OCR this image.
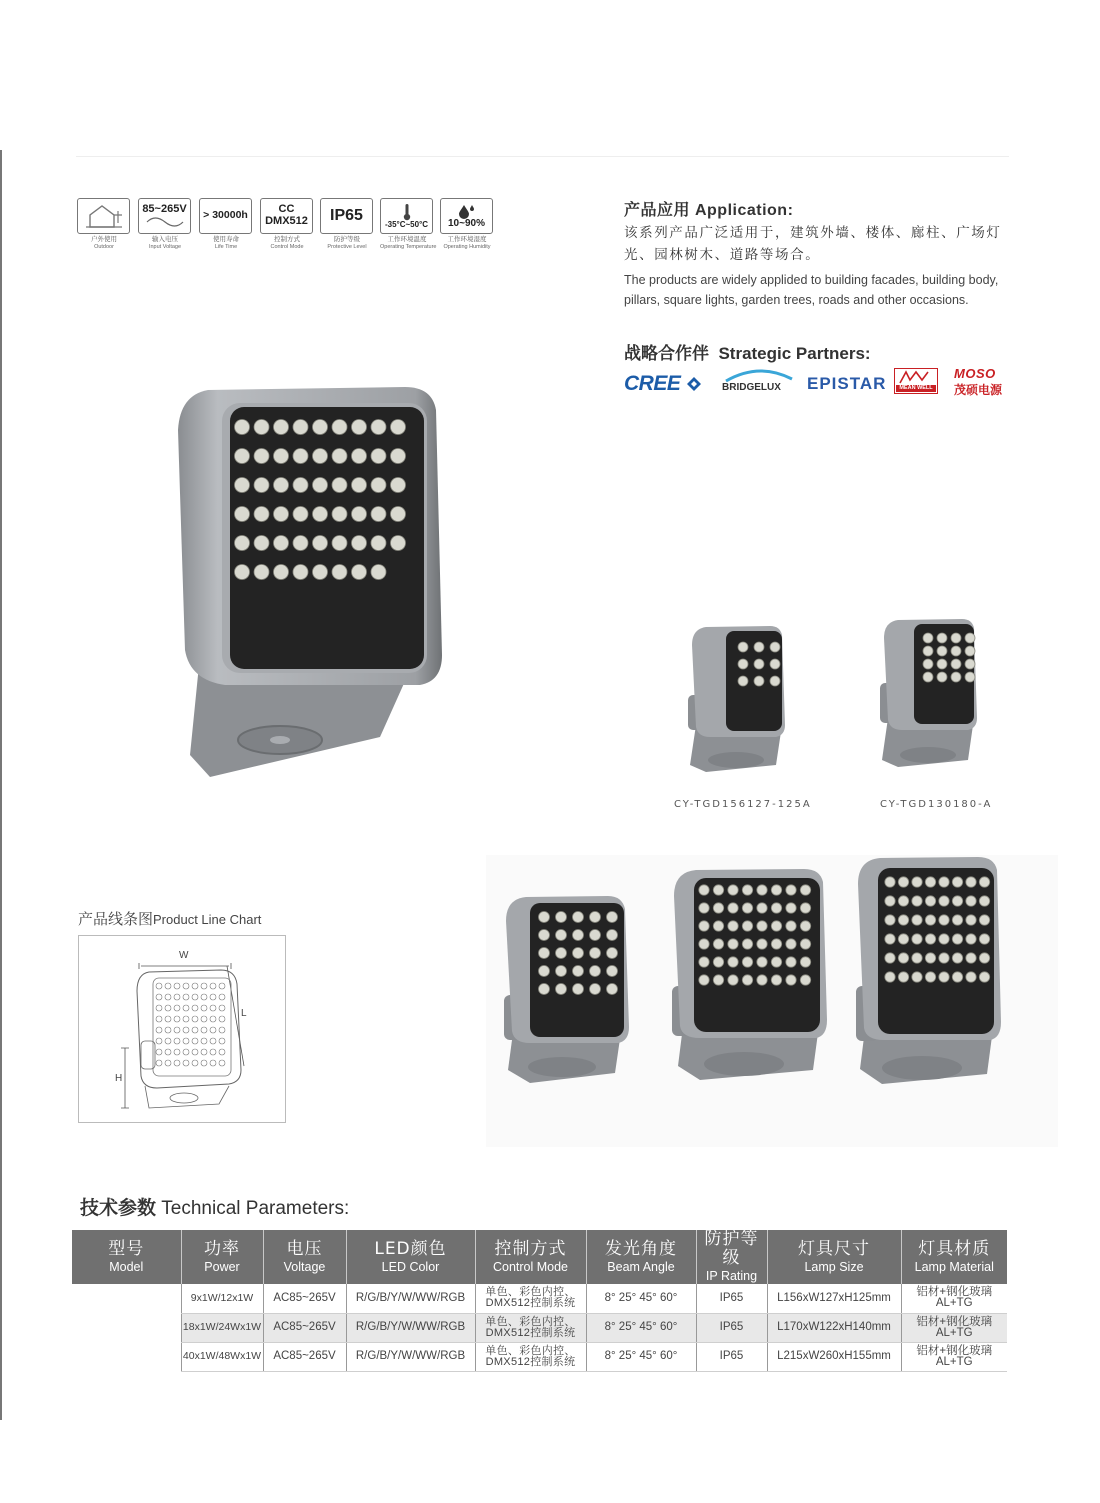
户外使用
Outdoor
85~265V
输入电压
Input Voltage
> 30000h
使用寿命
Life Time
CC
DMX512
控制方式
Control Mode
IP65
防护等级
Protective Level
-35°C~50°C
工作环境温度
Operating Temperature
10~90%
工作环境湿度
Operating Humidity
产品应用 Application:
该系列产品广泛适用于，建筑外墙、楼体、廊柱、广场灯光、园林树木、道路等场合。
The products are widely applided to building facades, building body, pillars, square lights, garden trees, roads and other occasions.
战略合作伴 Strategic Partners:
CREE	BRIDGELUX EPISTAR	MEAN WELL
MOSO
茂硕电源
CY-TGD156127-125A	CY-TGD130180-A
产品线条图Product Line Chart
W
L
H
技术参数 Technical Parameters:
型号
Model	功率
Power	电压
Voltage	LED颜色
LED Color	控制方式
Control Mode	发光角度
Beam Angle	防护等级
IP Rating	灯具尺寸
Lamp Size	灯具材质
Lamp Material

	9x1W/12x1W	AC85~265V	R/G/B/Y/W/WW/RGB	单色、彩色内控、
DMX512控制系统	8° 25° 45° 60°	IP65	L156xW127xH125mm	铝材+钢化玻璃
AL+TG

	18x1W/24Wx1W	AC85~265V	R/G/B/Y/W/WW/RGB	单色、彩色内控、
DMX512控制系统	8° 25° 45° 60°	IP65	L170xW122xH140mm	铝材+钢化玻璃
AL+TG

	40x1W/48Wx1W	AC85~265V	R/G/B/Y/W/WW/RGB	单色、彩色内控、
DMX512控制系统	8° 25° 45° 60°	IP65	L215xW260xH155mm	铝材+钢化玻璃
AL+TG
